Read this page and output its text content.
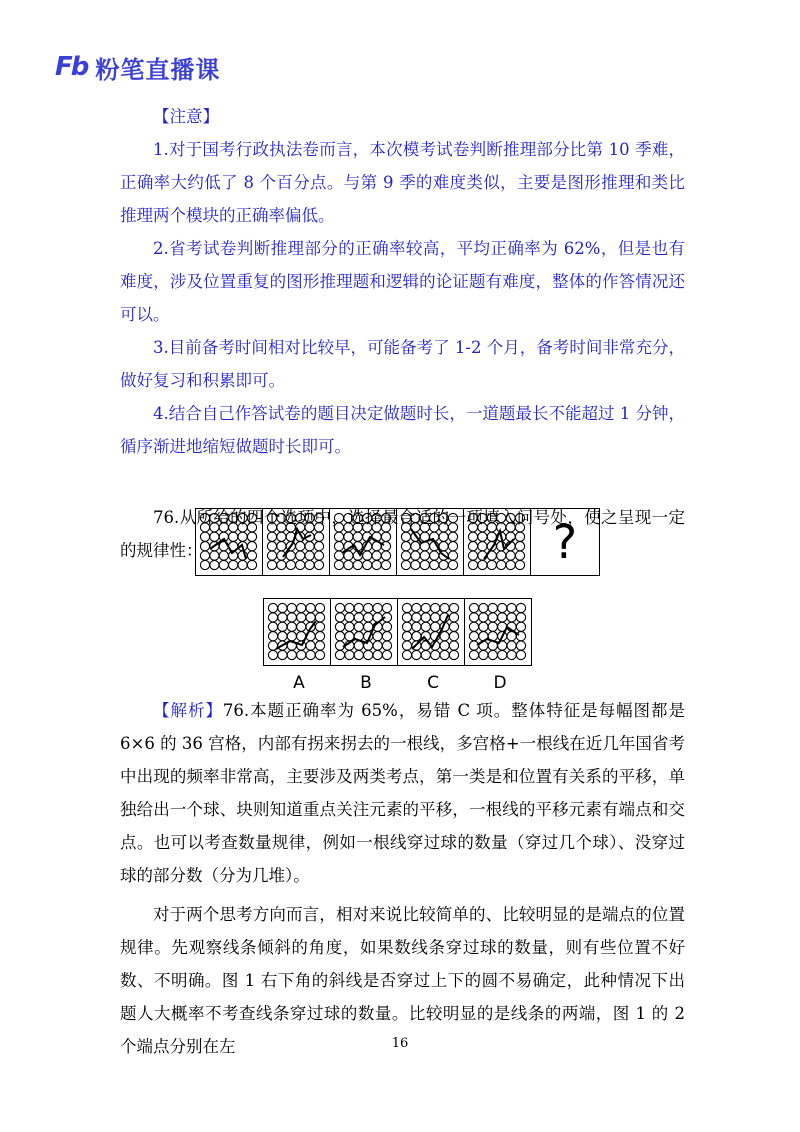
Fb 粉笔直播课

【注意】

1.对于国考行政执法卷而言，本次模考试卷判断推理部分比第 10 季难，正确率大约低了 8 个百分点。与第 9 季的难度类似，主要是图形推理和类比推理两个模块的正确率偏低。

2.省考试卷判断推理部分的正确率较高，平均正确率为 62%，但是也有难度，涉及位置重复的图形推理题和逻辑的论证题有难度，整体的作答情况还可以。

3.目前备考时间相对比较早，可能备考了 1-2 个月，备考时间非常充分，做好复习和积累即可。

4.结合自己作答试卷的题目决定做题时长，一道题最长不能超过 1 分钟，循序渐进地缩短做题时长即可。

76.从所给的四个选项中，选择最合适的一项填入问号处，使之呈现一定的规律性：	?
A	B	C	D

【解析】76.本题正确率为 65%，易错 C 项。整体特征是每幅图都是 6×6 的 36 宫格，内部有拐来拐去的一根线，多宫格+一根线在近几年国省考中出现的频率非常高，主要涉及两类考点，第一类是和位置有关系的平移，单独给出一个球、块则知道重点关注元素的平移，一根线的平移元素有端点和交点。也可以考查数量规律，例如一根线穿过球的数量（穿过几个球）、没穿过球的部分数（分为几堆）。

对于两个思考方向而言，相对来说比较简单的、比较明显的是端点的位置规律。先观察线条倾斜的角度，如果数线条穿过球的数量，则有些位置不好数、不明确。图 1 右下角的斜线是否穿过上下的圆不易确定，此种情况下出题人大概率不考查线条穿过球的数量。比较明显的是线条的两端，图 1 的 2 个端点分别在左	16
